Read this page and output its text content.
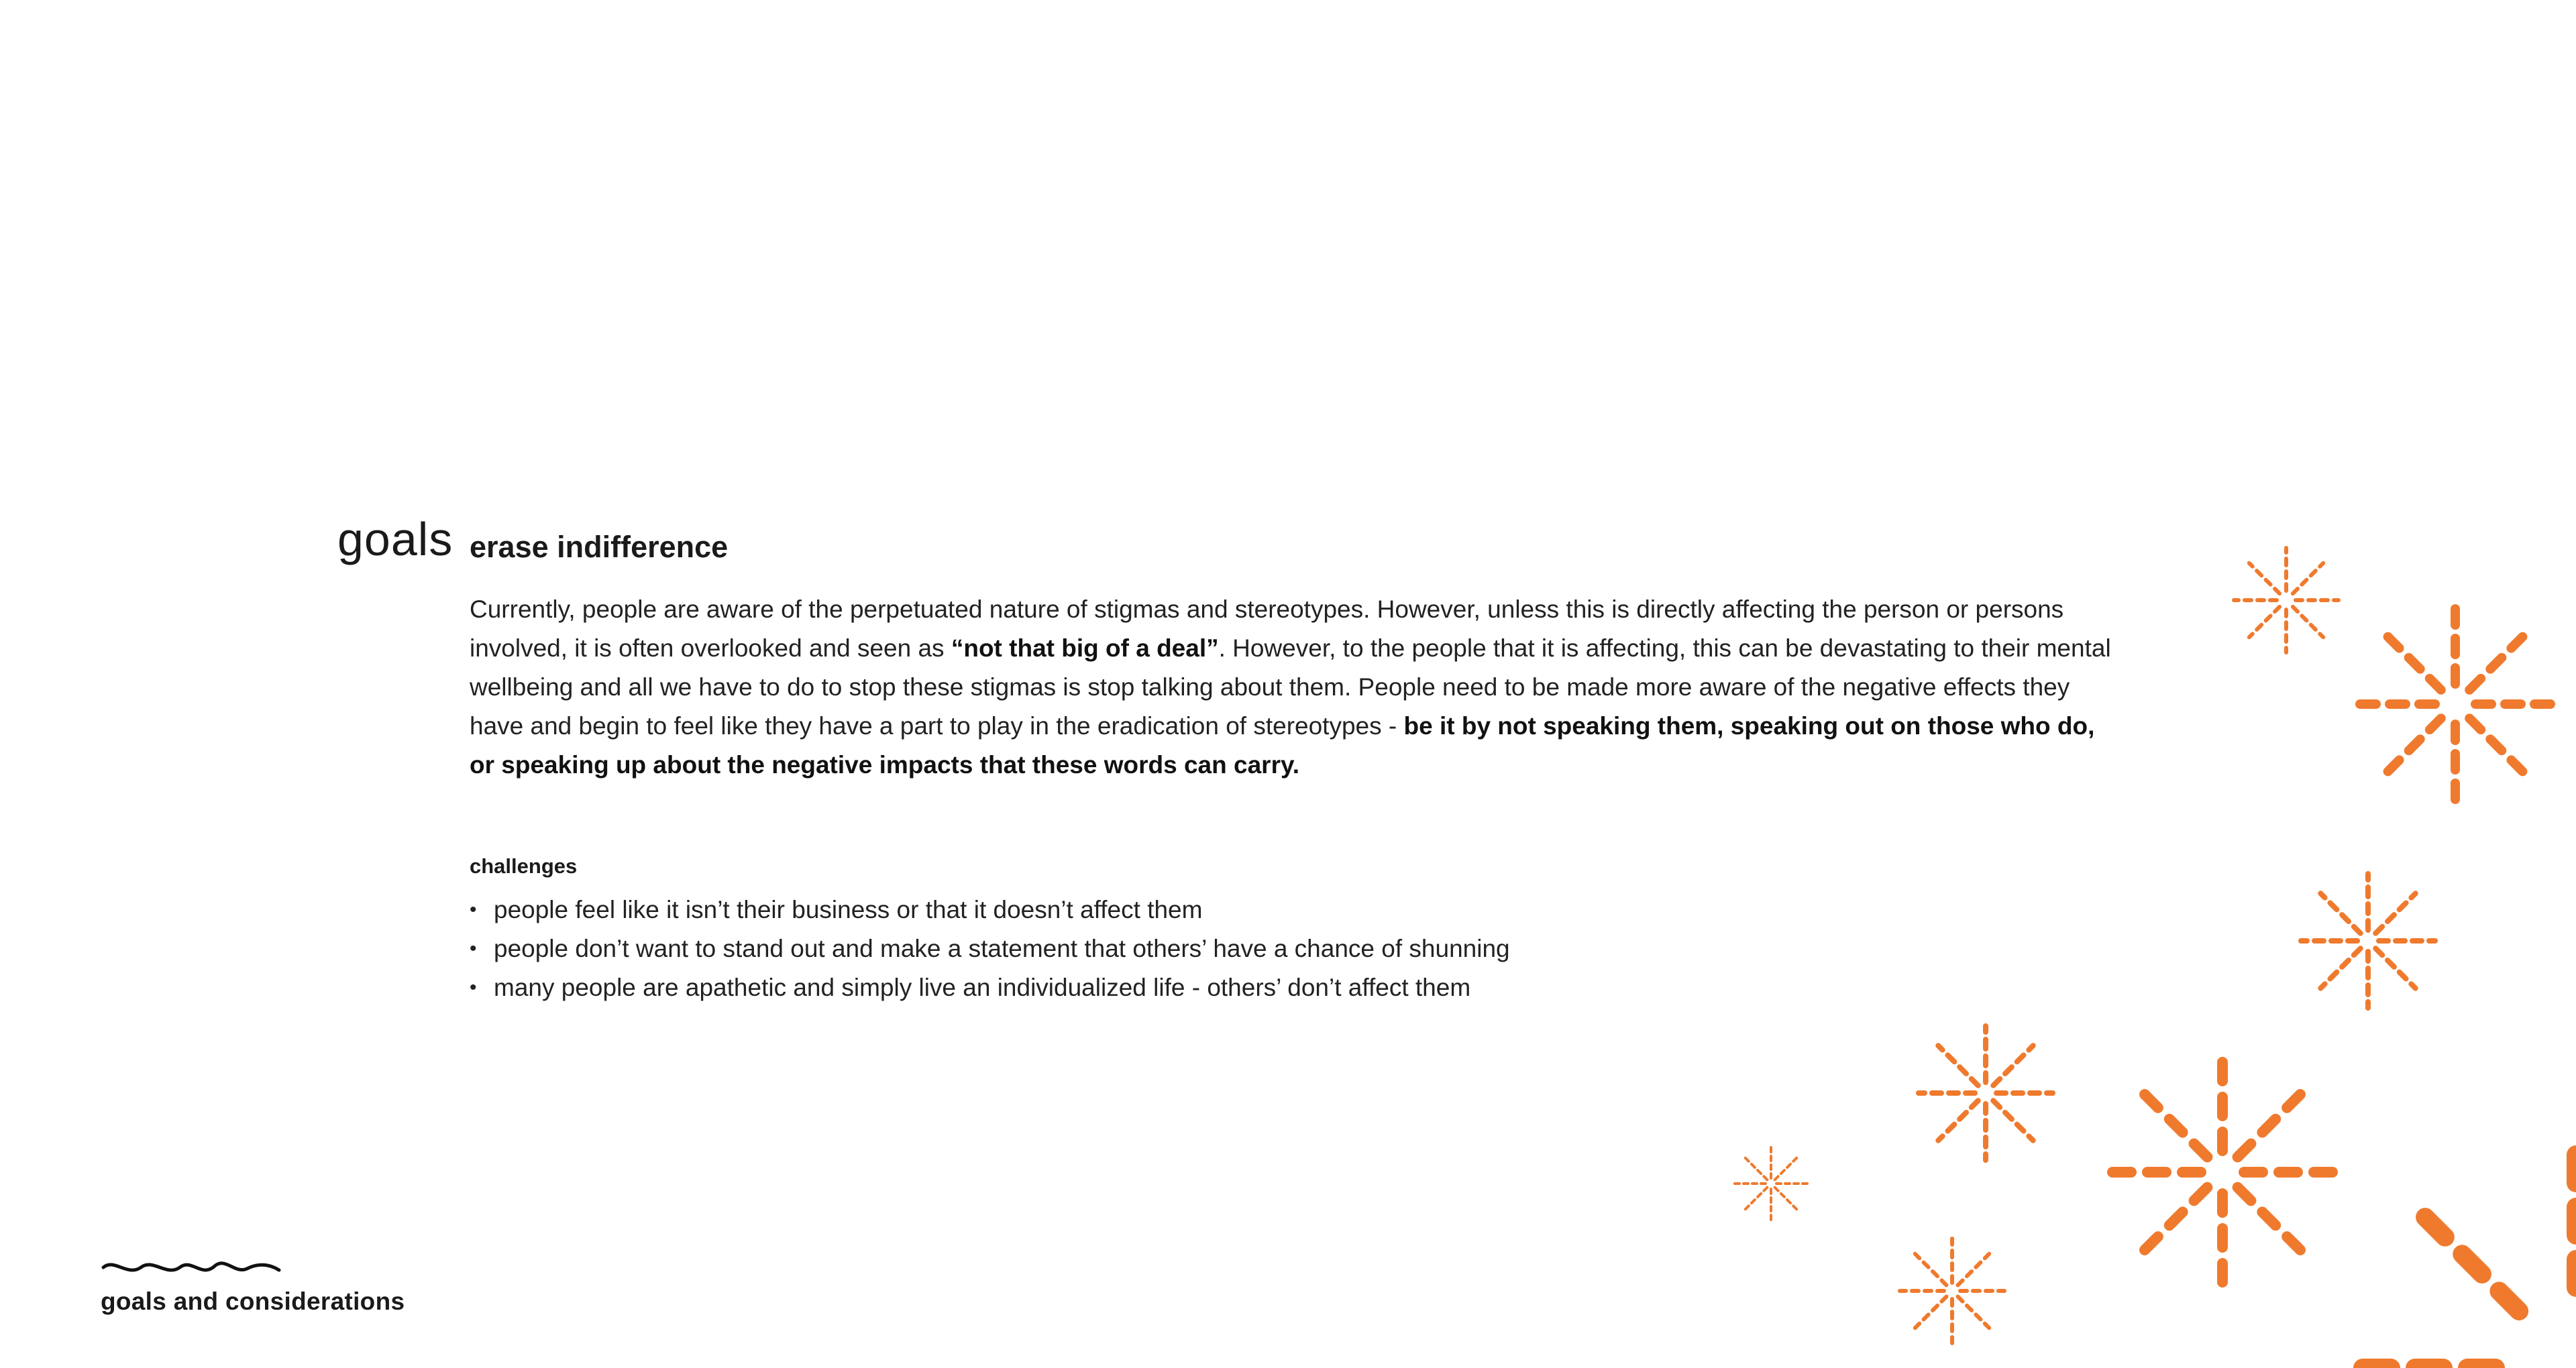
goals erase indifference

Currently, people are aware of the perpetuated nature of stigmas and stereotypes. However, unless this is directly affecting the person or persons involved, it is often overlooked and seen as “not that big of a deal”. However, to the people that it is affecting, this can be devastating to their mental wellbeing and all we have to do to stop these stigmas is stop talking about them. People need to be made more aware of the negative effects they have and begin to feel like they have a part to play in the eradication of stereotypes - be it by not speaking them, speaking out on those who do, or speaking up about the negative impacts that these words can carry.

challenges
• people feel like it isn’t their business or that it doesn’t affect them
• people don’t want to stand out and make a statement that others’ have a chance of shunning
• many people are apathetic and simply live an individualized life - others’ don’t affect them
goals and considerations
